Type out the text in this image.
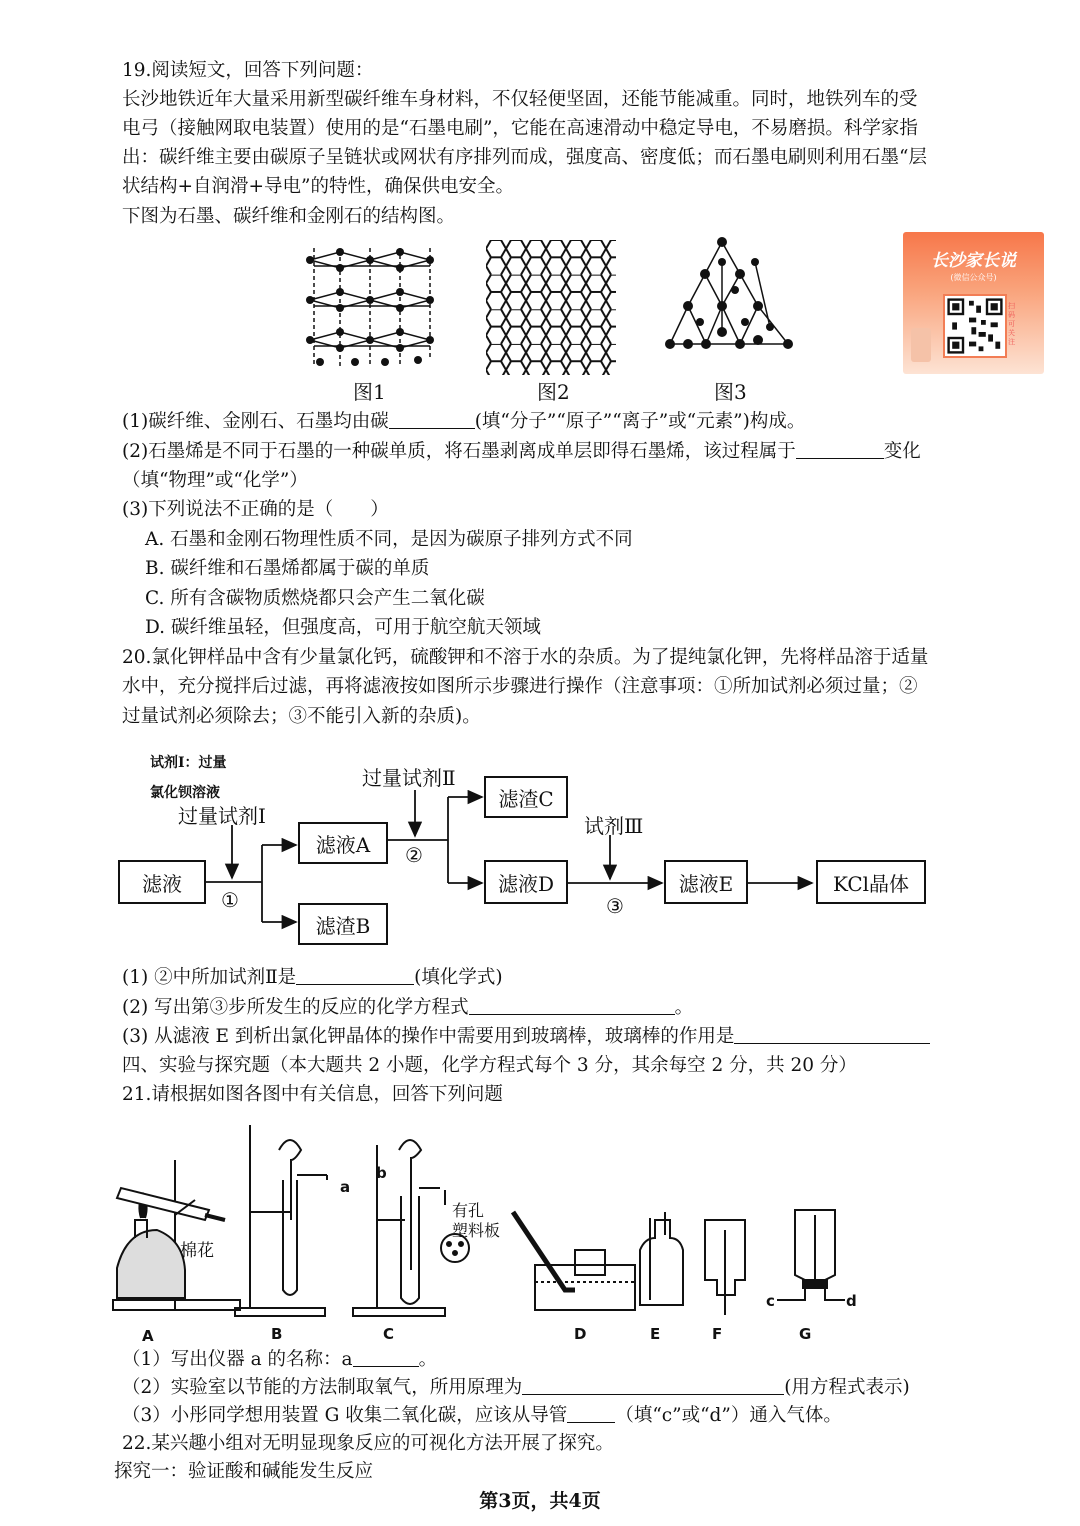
19.阅读短文，回答下列问题：
长沙地铁近年大量采用新型碳纤维车身材料，不仅轻便坚固，还能节能减重。同时，地铁列车的受
电弓（接触网取电装置）使用的是“石墨电刷”，它能在高速滑动中稳定导电，不易磨损。科学家指
出：碳纤维主要由碳原子呈链状或网状有序排列而成，强度高、密度低；而石墨电刷则利用石墨“层
状结构+自润滑+导电”的特性，确保供电安全。
下图为石墨、碳纤维和金刚石的结构图。
图1	图2	图3
长沙家长说
(微信公众号)
扫码可关注
(1)碳纤维、金刚石、石墨均由碳	(填“分子”“原子”“离子”或“元素”)构成。
(2)石墨烯是不同于石墨的一种碳单质，将石墨剥离成单层即得石墨烯，该过程属于	变化
（填“物理”或“化学”）
(3)下列说法不正确的是（　　）
A. 石墨和金刚石物理性质不同，是因为碳原子排列方式不同
B. 碳纤维和石墨烯都属于碳的单质
C. 所有含碳物质燃烧都只会产生二氧化碳
D. 碳纤维虽轻，但强度高，可用于航空航天领域
20.氯化钾样品中含有少量氯化钙，硫酸钾和不溶于水的杂质。为了提纯氯化钾，先将样品溶于适量
水中，充分搅拌后过滤，再将滤液按如图所示步骤进行操作（注意事项：①所加试剂必须过量；②
过量试剂必须除去；③不能引入新的杂质)。
试剂Ⅰ：过量
氯化钡溶液
过量试剂Ⅰ
过量试剂Ⅱ
试剂Ⅲ
滤液
滤液A
滤渣B
滤渣C
滤液D	滤液E	KCl晶体
①
②
③
(1) ②中所加试剂Ⅱ是	(填化学式)
(2) 写出第③步所发生的反应的化学方程式	。
(3) 从滤液 E 到析出氯化钾晶体的操作中需要用到玻璃棒，玻璃棒的作用是
四、实验与探究题（本大题共 2 小题，化学方程式每个 3 分，其余每空 2 分，共 20 分）
21.请根据如图各图中有关信息，回答下列问题
棉花
a
b
有孔
塑料板
c	d
A	B	C	D	E	F	G
（1）写出仪器 a 的名称：a	。
（2）实验室以节能的方法制取氧气，所用原理为	(用方程式表示)
（3）小彤同学想用装置 G 收集二氧化碳，应该从导管	（填“c”或“d”）通入气体。
22.某兴趣小组对无明显现象反应的可视化方法开展了探究。
探究一：验证酸和碱能发生反应
第3页，共4页
